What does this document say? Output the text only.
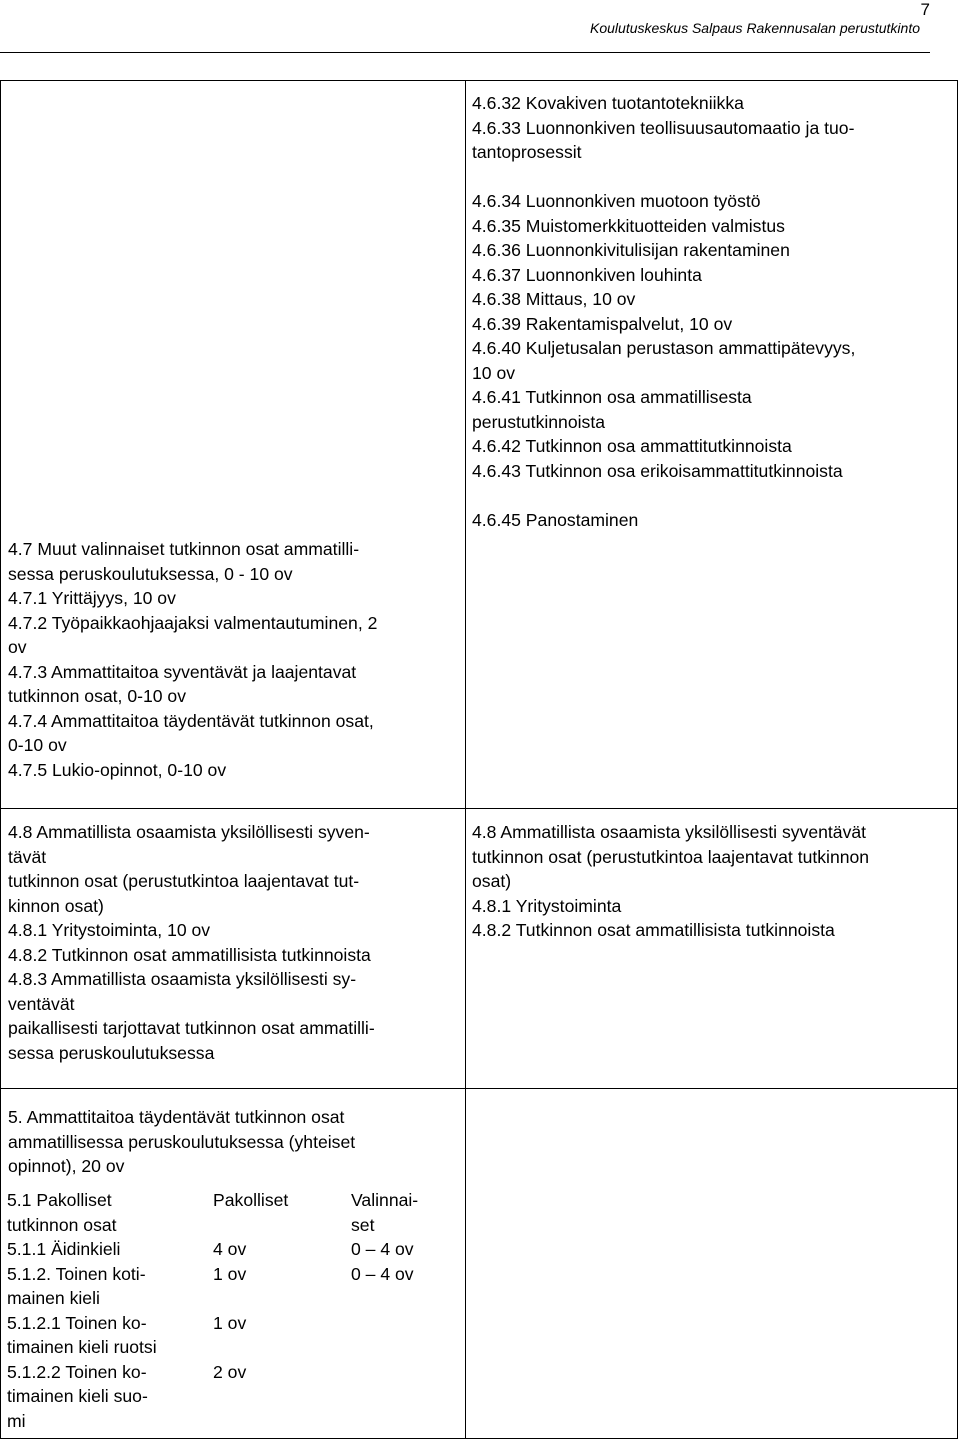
Koulutuskeskus Salpaus Rakennusalan perustutkinto
7
4.6.32 Kovakiven tuotantotekniikka
4.6.33 Luonnonkiven teollisuusautomaatio ja tuo-
tantoprosessit
4.6.34 Luonnonkiven muotoon työstö
4.6.35 Muistomerkkituotteiden valmistus
4.6.36 Luonnonkivitulisijan rakentaminen
4.6.37 Luonnonkiven louhinta
4.6.38 Mittaus, 10 ov
4.6.39 Rakentamispalvelut, 10 ov
4.6.40 Kuljetusalan perustason ammattipätevyys,
10 ov
4.6.41 Tutkinnon osa ammatillisesta
perustutkinnoista
4.6.42 Tutkinnon osa ammattitutkinnoista
4.6.43 Tutkinnon osa erikoisammattitutkinnoista
4.6.45 Panostaminen
4.7 Muut valinnaiset tutkinnon osat ammatilli-
sessa peruskoulutuksessa, 0 - 10 ov
4.7.1 Yrittäjyys, 10 ov
4.7.2 Työpaikkaohjaajaksi valmentautuminen, 2
ov
4.7.3 Ammattitaitoa syventävät ja laajentavat
tutkinnon osat, 0-10 ov
4.7.4 Ammattitaitoa täydentävät tutkinnon osat,
0-10 ov
4.7.5 Lukio-opinnot, 0-10 ov
4.8 Ammatillista osaamista yksilöllisesti syven-
tävät
tutkinnon osat (perustutkintoa laajentavat tut-
kinnon osat)
4.8.1 Yritystoiminta, 10 ov
4.8.2 Tutkinnon osat ammatillisista tutkinnoista
4.8.3 Ammatillista osaamista yksilöllisesti sy-
ventävät
paikallisesti tarjottavat tutkinnon osat ammatilli-
sessa peruskoulutuksessa
4.8 Ammatillista osaamista yksilöllisesti syventävät
tutkinnon osat (perustutkintoa laajentavat tutkinnon
osat)
4.8.1 Yritystoiminta
4.8.2 Tutkinnon osat ammatillisista tutkinnoista
5. Ammattitaitoa täydentävät tutkinnon osat
ammatillisessa peruskoulutuksessa (yhteiset
opinnot), 20 ov
5.1 Pakolliset
tutkinnon osat	Pakolliset	Valinnai-
set
5.1.1 Äidinkieli	4 ov	0 – 4 ov
5.1.2. Toinen koti-
mainen kieli	1 ov	0 – 4 ov
5.1.2.1 Toinen ko-
timainen kieli ruotsi	1 ov	
5.1.2.2 Toinen ko-
timainen kieli suo-
mi	2 ov	
